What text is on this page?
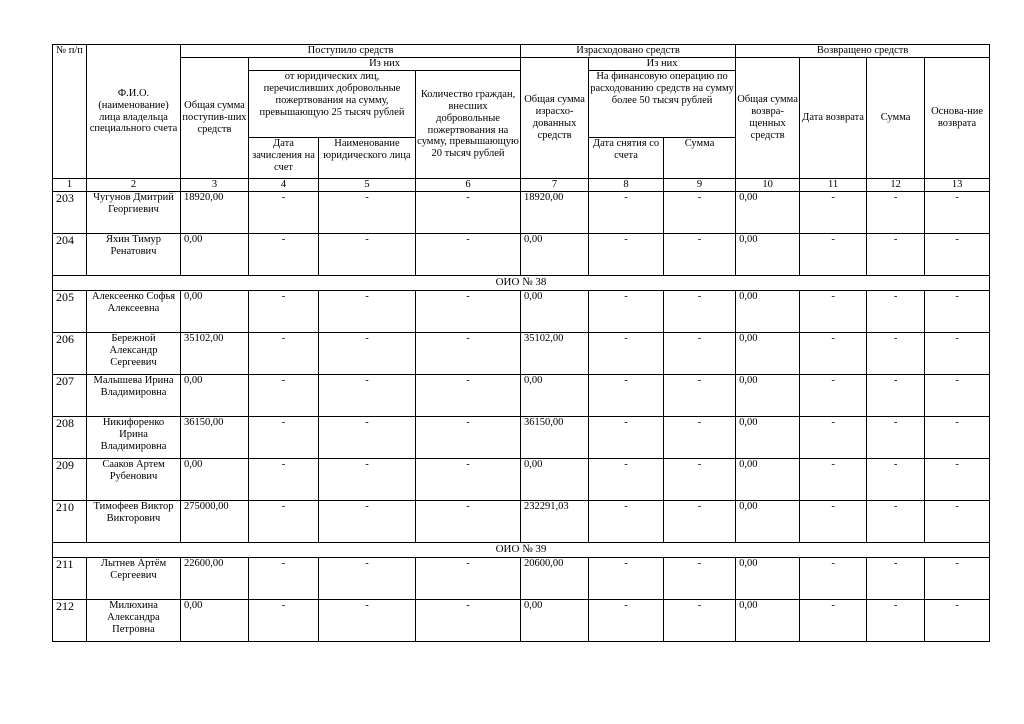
№ п/п	Ф.И.О. (наименование) лица владельца специального счета	Поступило средств				Израсходовано средств			Возвращено средств			
		Общая сумма поступив-ших средств	Из них			Общая сумма израсхо-дованных средств	Из них		Общая сумма возвра-щенных средств	Дата возврата	Сумма	Основа-ние возврата
			от юридических лиц, перечисливших добровольные пожертвования на сумму, превышающую 25 тысяч рублей		Количество граждан, внесших добровольные пожертвования на сумму, превышающую 20 тысяч рублей		На финансовую операцию по расходованию средств на сумму более 50 тысяч рублей					
			Дата зачисления на счет	Наименование юридического лица			Дата снятия со счета	Сумма				
1	2	3	4	5	6	7	8	9	10	11	12	13
203	Чугунов Дмитрий Георгиевич	18920,00	-	-	-	18920,00	-	-	0,00	-	-	-
204	Яхин Тимур Ренатович	0,00	-	-	-	0,00	-	-	0,00	-	-	-
ОИО № 38												
205	Алексеенко Софья Алексеевна	0,00	-	-	-	0,00	-	-	0,00	-	-	-
206	Бережной Александр Сергеевич	35102,00	-	-	-	35102,00	-	-	0,00	-	-	-
207	Малышева Ирина Владимировна	0,00	-	-	-	0,00	-	-	0,00	-	-	-
208	Никифоренко Ирина Владимировна	36150,00	-	-	-	36150,00	-	-	0,00	-	-	-
209	Сааков Артем Рубенович	0,00	-	-	-	0,00	-	-	0,00	-	-	-
210	Тимофеев Виктор Викторович	275000,00	-	-	-	232291,03	-	-	0,00	-	-	-
ОИО № 39												
211	Лытнев Артём Сергеевич	22600,00	-	-	-	20600,00	-	-	0,00	-	-	-
212	Милюхина Александра Петровна	0,00	-	-	-	0,00	-	-	0,00	-	-	-
